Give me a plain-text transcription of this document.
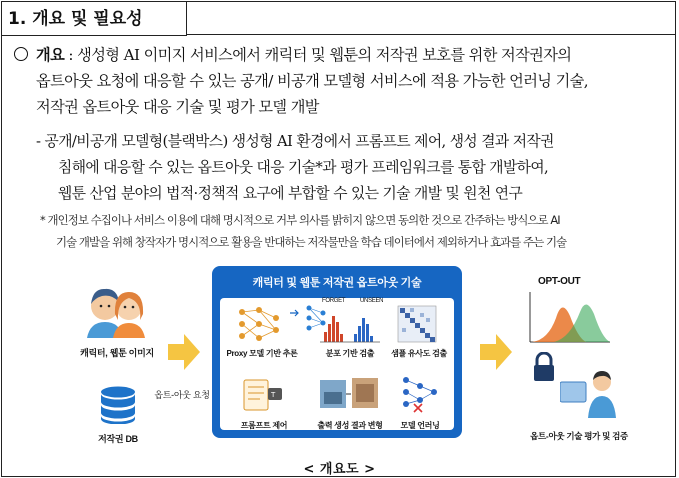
1. 개요 및 필요성
개요 : 생성형 AI 이미지 서비스에서 캐릭터 및 웹툰의 저작권 보호를 위한 저작권자의
옵트아웃 요청에 대응할 수 있는 공개/ 비공개 모델형 서비스에 적용 가능한 언러닝 기술,
저작권 옵트아웃 대응 기술 및 평가 모델 개발
- 공개/비공개 모델형(블랙박스) 생성형 AI 환경에서 프롬프트 제어, 생성 결과 저작권
침해에 대응할 수 있는 옵트아웃 대응 기술*과 평가 프레임워크를 통합 개발하여,
웹툰 산업 분야의 법적·정책적 요구에 부합할 수 있는 기술 개발 및 원천 연구
* 개인정보 수집이나 서비스 이용에 대해 명시적으로 거부 의사를 밝히지 않으면 동의한 것으로 간주하는 방식으로 AI
기술 개발을 위해 창작자가 명시적으로 활용을 반대하는 저작물만을 학습 데이터에서 제외하거나 효과를 주는 기술
캐릭터, 웹툰 이미지
저작권 DB
옵트-아웃 요청
캐릭터 및 웹툰 저작권 옵트아웃 기술
Proxy 모델 기반 추론
FORGET UNSEEN
분포 기반 검출	샘플 유사도 검출
T
프롬프트 제어	출력 생성 결과 변형	모델 언러닝
OPT-OUT
옵트-아웃 기술 평가 및 검증
< 개요도 >
